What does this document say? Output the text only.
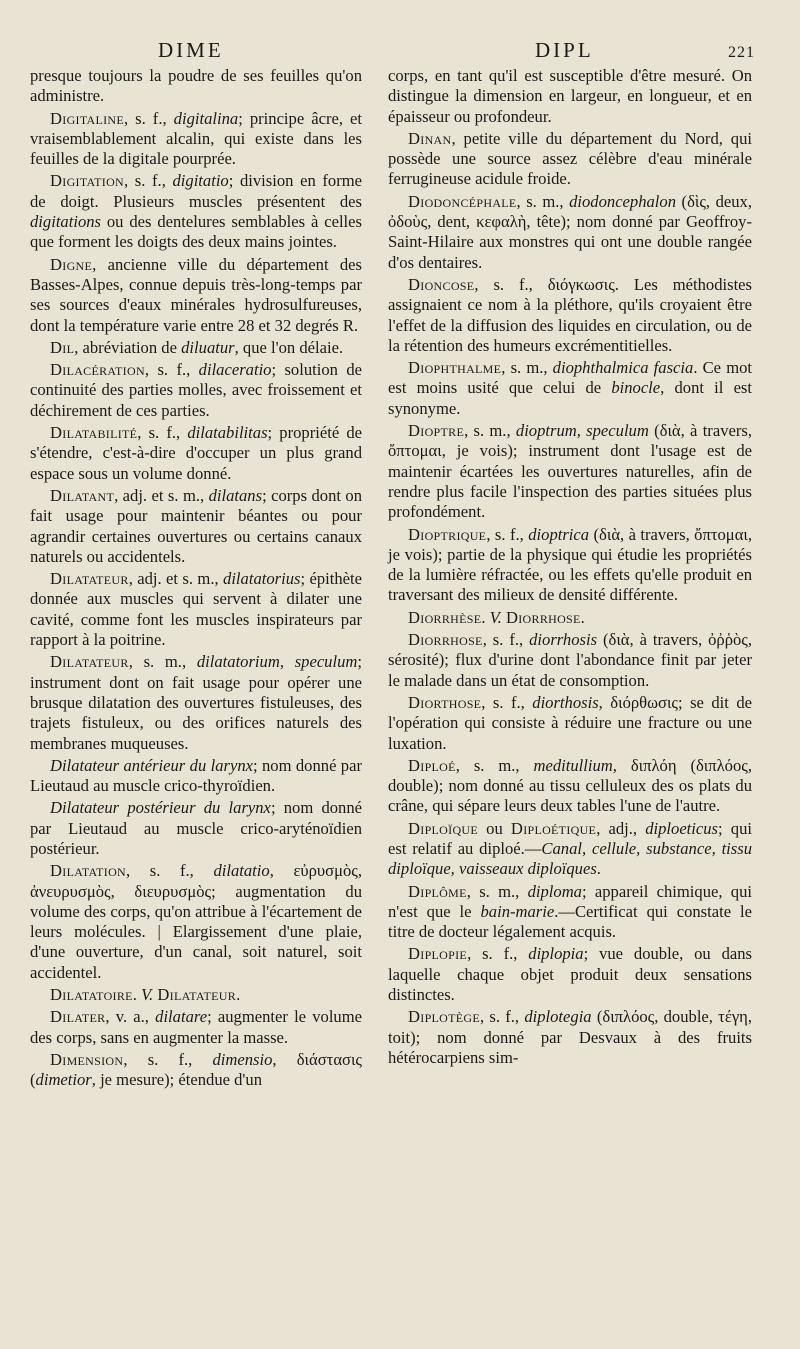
DIME	DIPL	221

presque toujours la poudre de ses feuilles qu'on administre.

Digitaline, s. f., digitalina; principe âcre, et vraisemblablement alcalin, qui existe dans les feuilles de la digitale pourprée.

Digitation, s. f., digitatio; division en forme de doigt. Plusieurs muscles présentent des digitations ou des dentelures semblables à celles que forment les doigts des deux mains jointes.

Digne, ancienne ville du département des Basses-Alpes, connue depuis très-long-temps par ses sources d'eaux minérales hydrosulfureuses, dont la température varie entre 28 et 32 degrés R.

Dil, abréviation de diluatur, que l'on délaie.

Dilacération, s. f., dilaceratio; solution de continuité des parties molles, avec froissement et déchirement de ces parties.

Dilatabilité, s. f., dilatabilitas; propriété de s'étendre, c'est-à-dire d'occuper un plus grand espace sous un volume donné.

Dilatant, adj. et s. m., dilatans; corps dont on fait usage pour maintenir béantes ou pour agrandir certaines ouvertures ou certains canaux naturels ou accidentels.

Dilatateur, adj. et s. m., dilatatorius; épithète donnée aux muscles qui servent à dilater une cavité, comme font les muscles inspirateurs par rapport à la poitrine.

Dilatateur, s. m., dilatatorium, speculum; instrument dont on fait usage pour opérer une brusque dilatation des ouvertures fistuleuses, des trajets fistuleux, ou des orifices naturels des membranes muqueuses.

Dilatateur antérieur du larynx; nom donné par Lieutaud au muscle crico-thyroïdien.

Dilatateur postérieur du larynx; nom donné par Lieutaud au muscle crico-aryténoïdien postérieur.

Dilatation, s. f., dilatatio, εὐρυσμὸς, ἀνευρυσμὸς, διευρυσμὸς; augmentation du volume des corps, qu'on attribue à l'écartement de leurs molécules. | Elargissement d'une plaie, d'une ouverture, d'un canal, soit naturel, soit accidentel.

Dilatatoire. V. Dilatateur.

Dilater, v. a., dilatare; augmenter le volume des corps, sans en augmenter la masse.

Dimension, s. f., dimensio, διάστασις (dimetior, je mesure); étendue d'un

corps, en tant qu'il est susceptible d'être mesuré. On distingue la dimension en largeur, en longueur, et en épaisseur ou profondeur.

Dinan, petite ville du département du Nord, qui possède une source assez célèbre d'eau minérale ferrugineuse acidule froide.

Diodoncéphale, s. m., diodoncephalon (δὶς, deux, ὀδοὺς, dent, κεφαλὴ, tête); nom donné par Geoffroy-Saint-Hilaire aux monstres qui ont une double rangée d'os dentaires.

Dioncose, s. f., διόγκωσις. Les méthodistes assignaient ce nom à la pléthore, qu'ils croyaient être l'effet de la diffusion des liquides en circulation, ou de la rétention des humeurs excrémentitielles.

Diophthalme, s. m., diophthalmica fascia. Ce mot est moins usité que celui de binocle, dont il est synonyme.

Dioptre, s. m., dioptrum, speculum (διὰ, à travers, ὄπτομαι, je vois); instrument dont l'usage est de maintenir écartées les ouvertures naturelles, afin de rendre plus facile l'inspection des parties situées plus profondément.

Dioptrique, s. f., dioptrica (διὰ, à travers, ὄπτομαι, je vois); partie de la physique qui étudie les propriétés de la lumière réfractée, ou les effets qu'elle produit en traversant des milieux de densité différente.

Diorrhèse. V. Diorrhose.

Diorrhose, s. f., diorrhosis (διὰ, à travers, ὀῤῥὸς, sérosité); flux d'urine dont l'abondance finit par jeter le malade dans un état de consomption.

Diorthose, s. f., diorthosis, διόρθωσις; se dit de l'opération qui consiste à réduire une fracture ou une luxation.

Diploé, s. m., meditullium, διπλόη (διπλόος, double); nom donné au tissu celluleux des os plats du crâne, qui sépare leurs deux tables l'une de l'autre.

Diploïque ou Diploétique, adj., diploeticus; qui est relatif au diploé.—Canal, cellule, substance, tissu diploïque, vaisseaux diploïques.

Diplôme, s. m., diploma; appareil chimique, qui n'est que le bain-marie.—Certificat qui constate le titre de docteur légalement acquis.

Diplopie, s. f., diplopia; vue double, ou dans laquelle chaque objet produit deux sensations distinctes.

Diplotège, s. f., diplotegia (διπλόος, double, τέγη, toit); nom donné par Desvaux à des fruits hétérocarpiens sim-
